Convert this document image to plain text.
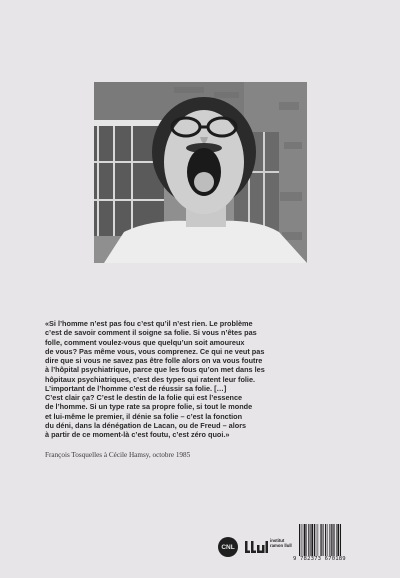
«Si l’homme n’est pas fou c’est qu’il n’est rien. Le problème
c’est de savoir comment il soigne sa folie. Si vous n’êtes pas
folle, comment voulez-vous que quelqu’un soit amoureux
de vous? Pas même vous, vous comprenez. Ce qui ne veut pas
dire que si vous ne savez pas être folle alors on va vous foutre
à l’hôpital psychiatrique, parce que les fous qu’on met dans les
hôpitaux psychiatriques, c’est des types qui ratent leur folie.
L’important de l’homme c’est de réussir sa folie. […]
C’est clair ça? C’est le destin de la folie qui est l’essence
de l’homme. Si un type rate sa propre folie, si tout le monde
et lui-même le premier, il dénie sa folie – c’est la fonction
du déni, dans la dénégation de Lacan, ou de Freud – alors
à partir de ce moment-là c’est foutu, c’est zéro quoi.»
François Tosquelles à Cécile Hamsy, octobre 1985
CNL
institut
ramon llull
9 782373 670189
